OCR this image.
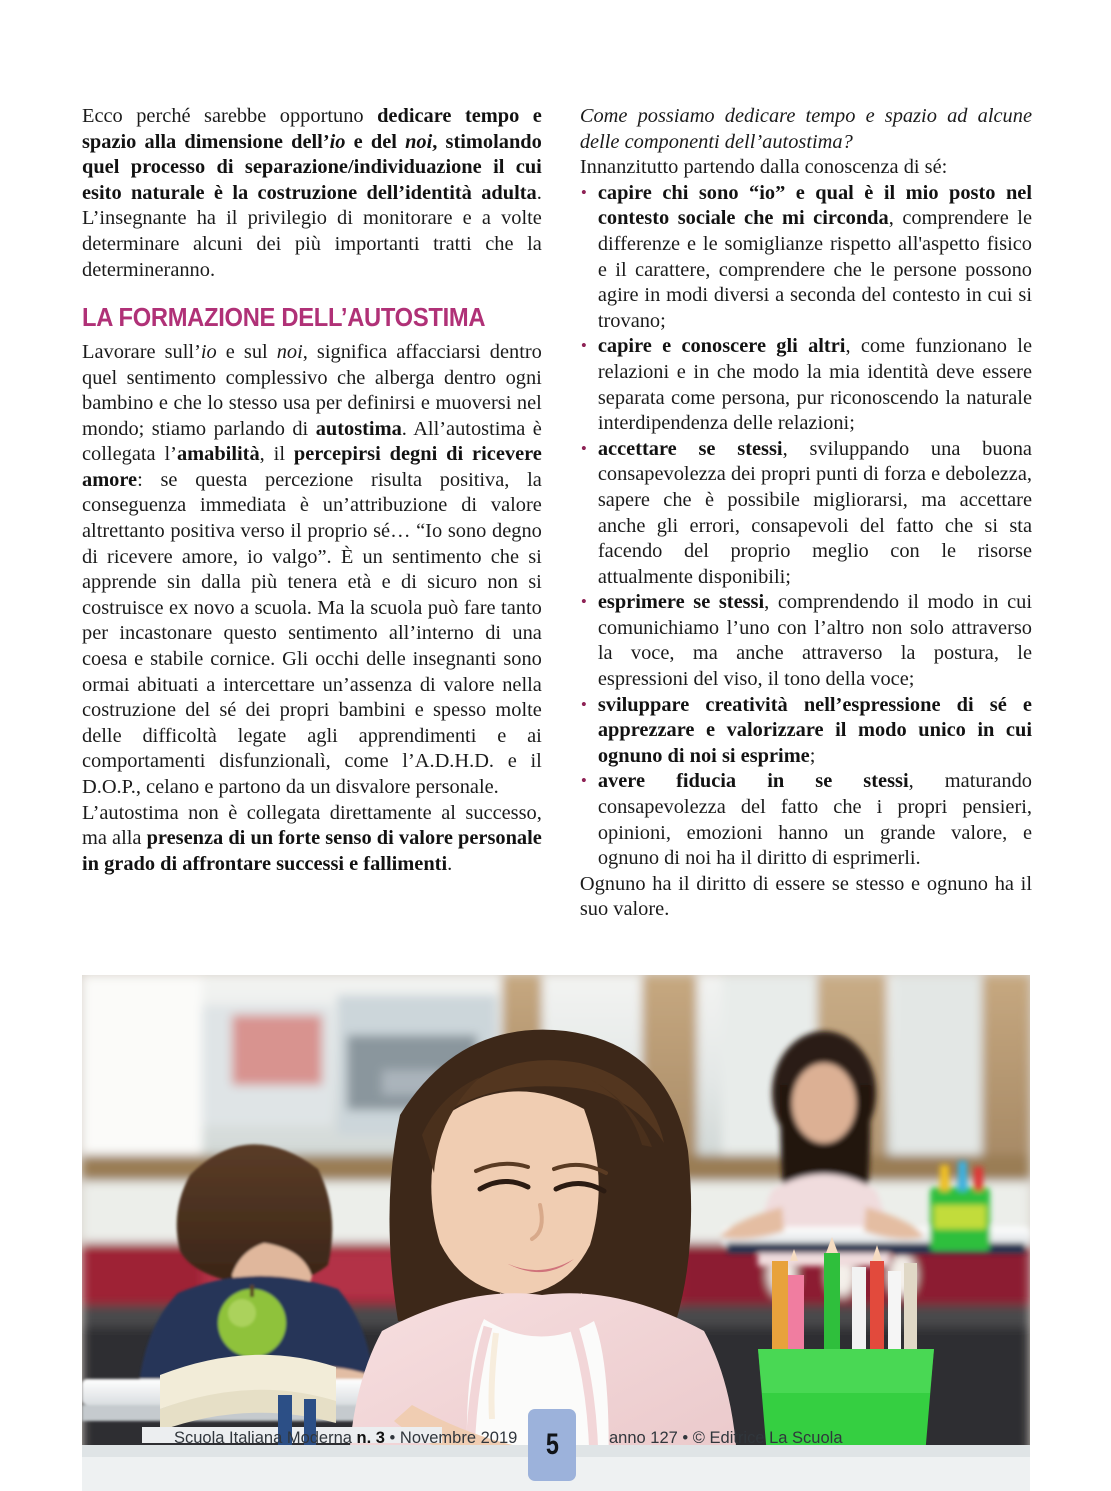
Ecco perché sarebbe opportuno dedicare tempo e spazio alla dimensione dell’io e del noi, stimolando quel processo di separazione/individuazione il cui esito naturale è la costruzione dell’identità adulta. L’insegnante ha il privilegio di monitorare e a volte determinare alcuni dei più importanti tratti che la determineranno.

LA FORMAZIONE DELL’AUTOSTIMA

Lavorare sull’io e sul noi, significa affacciarsi dentro quel sentimento complessivo che alberga dentro ogni bambino e che lo stesso usa per definirsi e muoversi nel mondo; stiamo parlando di autostima. All’autostima è collegata l’amabilità, il percepirsi degni di ricevere amore: se questa percezione risulta positiva, la conseguenza immediata è un’attribuzione di valore altrettanto positiva verso il proprio sé… “Io sono degno di ricevere amore, io valgo”. È un sentimento che si apprende sin dalla più tenera età e di sicuro non si costruisce ex novo a scuola. Ma la scuola può fare tanto per incastonare questo sentimento all’interno di una coesa e stabile cornice. Gli occhi delle insegnanti sono ormai abituati a intercettare un’assenza di valore nella costruzione del sé dei propri bambini e spesso molte delle difficoltà legate agli apprendimenti e ai comportamenti disfunzionalì, come l’A.D.H.D. e il D.O.P., celano e partono da un disvalore personale.

L’autostima non è collegata direttamente al successo, ma alla presenza di un forte senso di valore personale in grado di affrontare successi e fallimenti.

Come possiamo dedicare tempo e spazio ad alcune delle componenti dell’autostima?

Innanzitutto partendo dalla conoscenza di sé:

• capire chi sono “io” e qual è il mio posto nel contesto sociale che mi circonda, comprendere le differenze e le somiglianze rispetto all'aspetto fisico e il carattere, comprendere che le persone possono agire in modi diversi a seconda del contesto in cui si trovano;
• capire e conoscere gli altri, come funzionano le relazioni e in che modo la mia identità deve essere separata come persona, pur riconoscendo la naturale interdipendenza delle relazioni;
• accettare se stessi, sviluppando una buona consapevolezza dei propri punti di forza e debolezza, sapere che è possibile migliorarsi, ma accettare anche gli errori, consapevoli del fatto che si sta facendo del proprio meglio con le risorse attualmente disponibili;
• esprimere se stessi, comprendendo il modo in cui comunichiamo l’uno con l’altro non solo attraverso la voce, ma anche attraverso la postura, le espressioni del viso, il tono della voce;
• sviluppare creatività nell’espressione di sé e apprezzare e valorizzare il modo unico in cui ognuno di noi si esprime;
• avere fiducia in se stessi, maturando consapevolezza del fatto che i propri pensieri, opinioni, emozioni hanno un grande valore, e ognuno di noi ha il diritto di esprimerli.

Ognuno ha il diritto di essere se stesso e ognuno ha il suo valore.

Scuola Italiana Moderna n. 3 • Novembre 2019 5	anno 127 • © Editrice La Scuola
